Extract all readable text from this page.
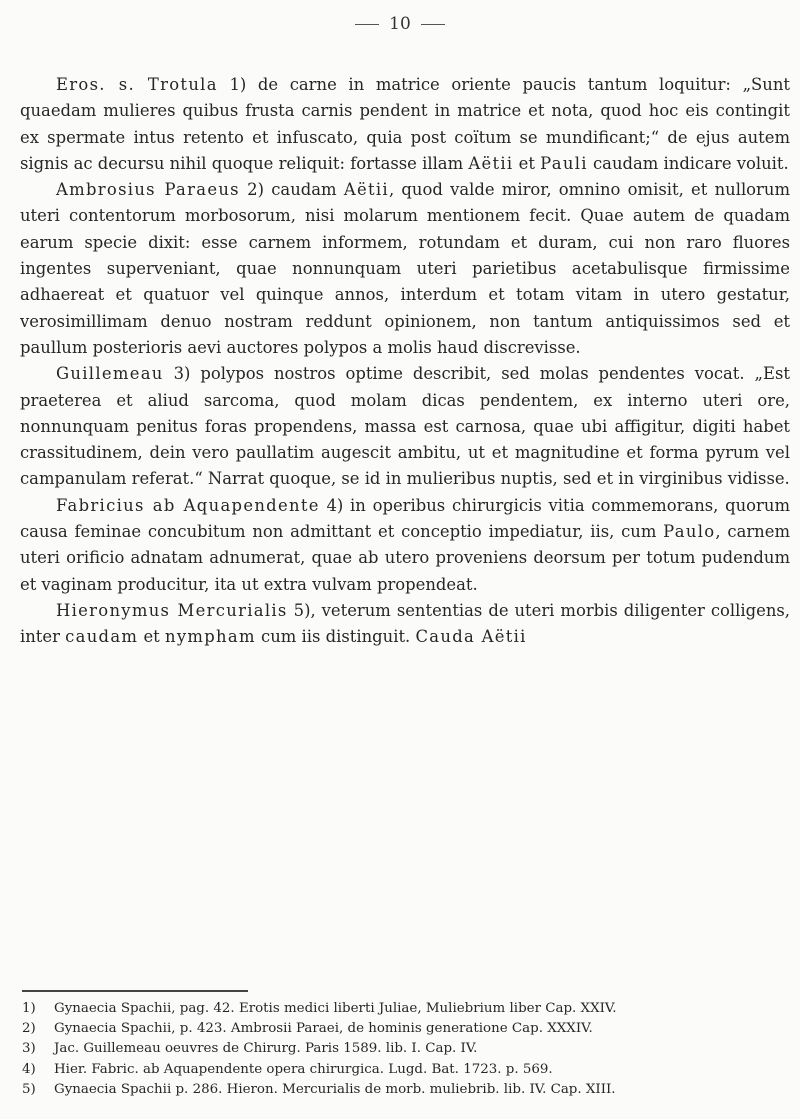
10

Eros. s. Trotula 1) de carne in matrice oriente paucis tantum loquitur: „Sunt quaedam mulieres quibus frusta carnis pendent in matrice et nota, quod hoc eis contingit ex spermate intus retento et infuscato, quia post coïtum se mundificant;“ de ejus autem signis ac decursu nihil quoque reliquit: fortasse illam Aëtii et Pauli caudam indicare voluit.

Ambrosius Paraeus 2) caudam Aëtii, quod valde miror, omnino omisit, et nullorum uteri contentorum morbosorum, nisi molarum mentionem fecit. Quae autem de quadam earum specie dixit: esse carnem informem, rotundam et duram, cui non raro fluores ingentes superveniant, quae nonnunquam uteri parietibus acetabulisque firmissime adhaereat et quatuor vel quinque annos, interdum et totam vitam in utero gestatur, verosimillimam denuo nostram reddunt opinionem, non tantum antiquissimos sed et paullum posterioris aevi auctores polypos a molis haud discrevisse.

Guillemeau 3) polypos nostros optime describit, sed molas pendentes vocat. „Est praeterea et aliud sarcoma, quod molam dicas pendentem, ex interno uteri ore, nonnunquam penitus foras propendens, massa est carnosa, quae ubi affigitur, digiti habet crassitudinem, dein vero paullatim augescit ambitu, ut et magnitudine et forma pyrum vel campanulam referat.“ Narrat quoque, se id in mulieribus nuptis, sed et in virginibus vidisse.

Fabricius ab Aquapendente 4) in operibus chirurgicis vitia commemorans, quorum causa feminae concubitum non admittant et conceptio impediatur, iis, cum Paulo, carnem uteri orificio adnatam adnumerat, quae ab utero proveniens deorsum per totum pudendum et vaginam producitur, ita ut extra vulvam propendeat.

Hieronymus Mercurialis 5), veterum sententias de uteri morbis diligenter colligens, inter caudam et nympham cum iis distinguit. Cauda Aëtii

1)	Gynaecia Spachii, pag. 42. Erotis medici liberti Juliae, Muliebrium liber Cap. XXIV.
2)	Gynaecia Spachii, p. 423. Ambrosii Paraei, de hominis generatione Cap. XXXIV.
3)	Jac. Guillemeau oeuvres de Chirurg. Paris 1589. lib. I. Cap. IV.
4)	Hier. Fabric. ab Aquapendente opera chirurgica. Lugd. Bat. 1723. p. 569.
5)	Gynaecia Spachii p. 286. Hieron. Mercurialis de morb. muliebrib. lib. IV. Cap. XIII.
